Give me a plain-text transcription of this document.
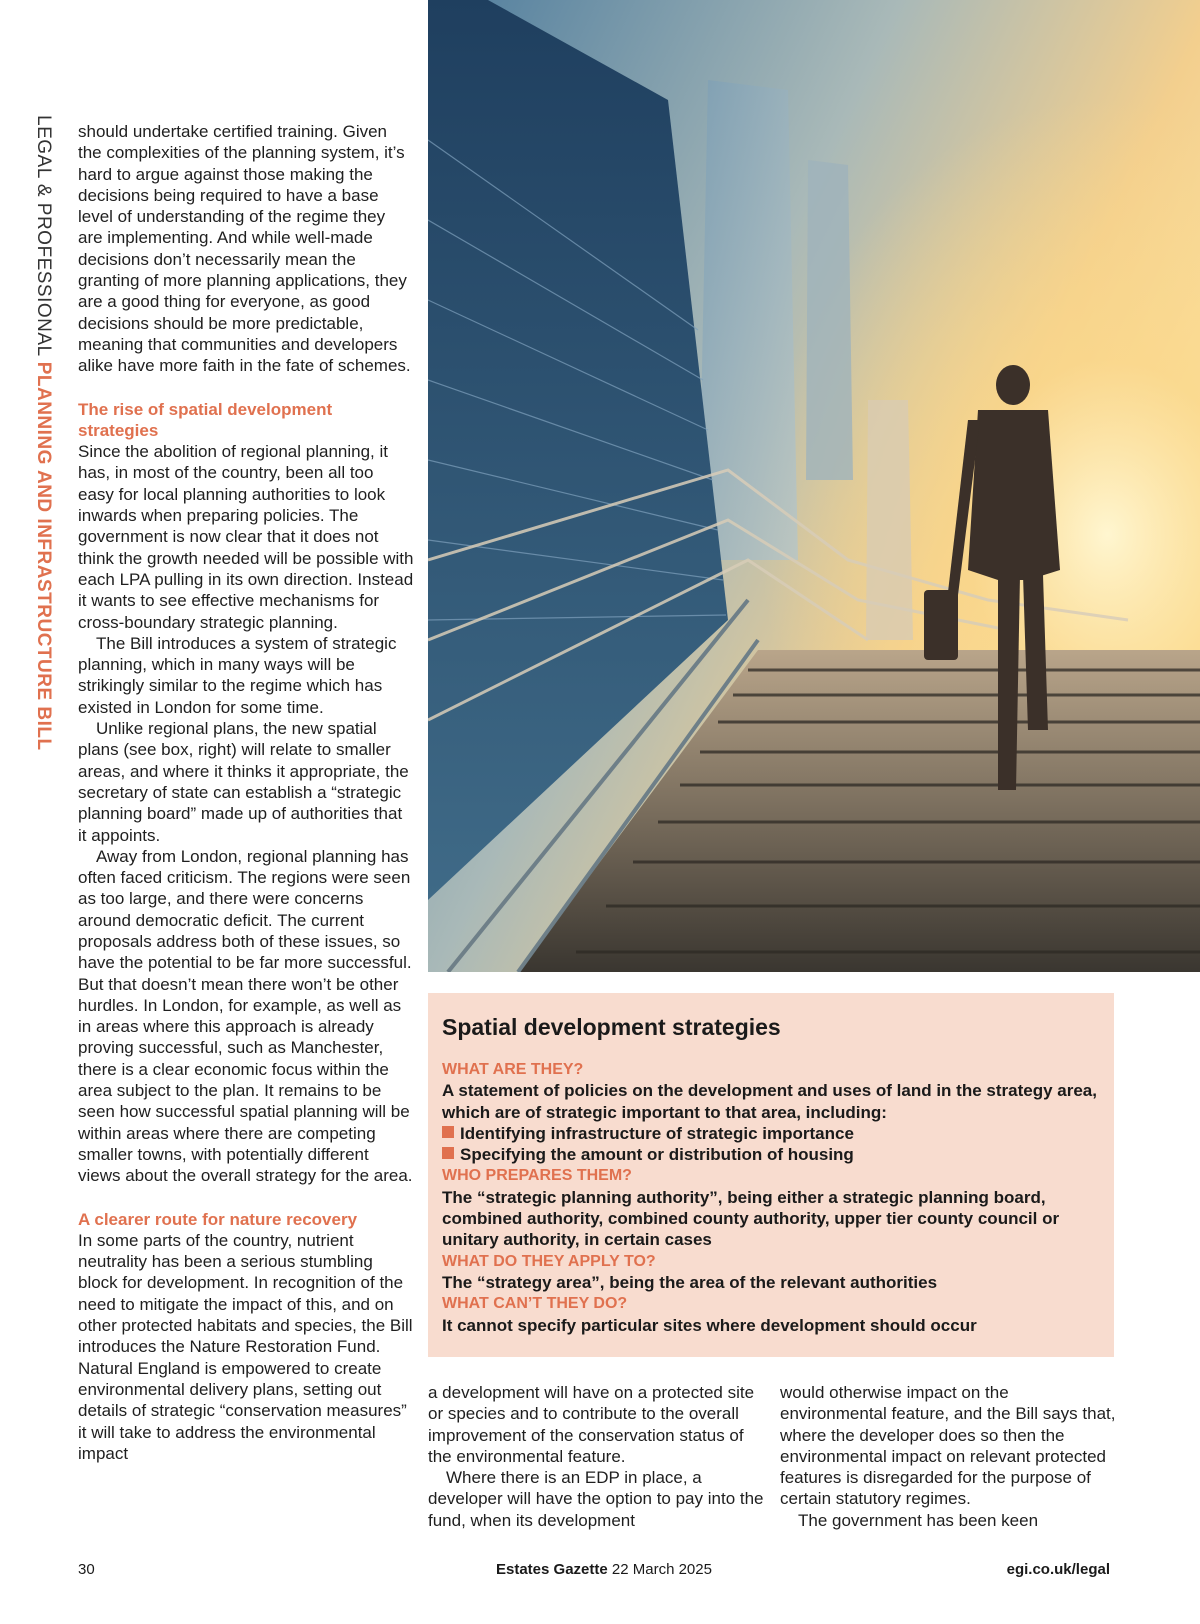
LEGAL & PROFESSIONAL PLANNING AND INFRASTRUCTURE BILL

should undertake certified training. Given the complexities of the planning system, it’s hard to argue against those making the decisions being required to have a base level of understanding of the regime they are implementing. And while well-made decisions don’t necessarily mean the granting of more planning applications, they are a good thing for everyone, as good decisions should be more predictable, meaning that communities and developers alike have more faith in the fate of schemes.

The rise of spatial development strategies

Since the abolition of regional planning, it has, in most of the country, been all too easy for local planning authorities to look inwards when preparing policies. The government is now clear that it does not think the growth needed will be possible with each LPA pulling in its own direction. Instead it wants to see effective mechanisms for cross-boundary strategic planning.

The Bill introduces a system of strategic planning, which in many ways will be strikingly similar to the regime which has existed in London for some time.

Unlike regional plans, the new spatial plans (see box, right) will relate to smaller areas, and where it thinks it appropriate, the secretary of state can establish a “strategic planning board” made up of authorities that it appoints.

Away from London, regional planning has often faced criticism. The regions were seen as too large, and there were concerns around democratic deficit. The current proposals address both of these issues, so have the potential to be far more successful. But that doesn’t mean there won’t be other hurdles. In London, for example, as well as in areas where this approach is already proving successful, such as Manchester, there is a clear economic focus within the area subject to the plan. It remains to be seen how successful spatial planning will be within areas where there are competing smaller towns, with potentially different views about the overall strategy for the area.

A clearer route for nature recovery

In some parts of the country, nutrient neutrality has been a serious stumbling block for development. In recognition of the need to mitigate the impact of this, and on other protected habitats and species, the Bill introduces the Nature Restoration Fund. Natural England is empowered to create environmental delivery plans, setting out details of strategic “conservation measures” it will take to address the environmental impact

Spatial development strategies
WHAT ARE THEY?
A statement of policies on the development and uses of land in the strategy area, which are of strategic important to that area, including:
Identifying infrastructure of strategic importance
Specifying the amount or distribution of housing
WHO PREPARES THEM?
The “strategic planning authority”, being either a strategic planning board, combined authority, combined county authority, upper tier county council or unitary authority, in certain cases
WHAT DO THEY APPLY TO?
The “strategy area”, being the area of the relevant authorities
WHAT CAN’T THEY DO?
It cannot specify particular sites where development should occur

a development will have on a protected site or species and to contribute to the overall improvement of the conservation status of the environmental feature.

Where there is an EDP in place, a developer will have the option to pay into the fund, when its development

would otherwise impact on the environmental feature, and the Bill says that, where the developer does so then the environmental impact on relevant protected features is disregarded for the purpose of certain statutory regimes.

The government has been keen

30	Estates Gazette 22 March 2025	egi.co.uk/legal
